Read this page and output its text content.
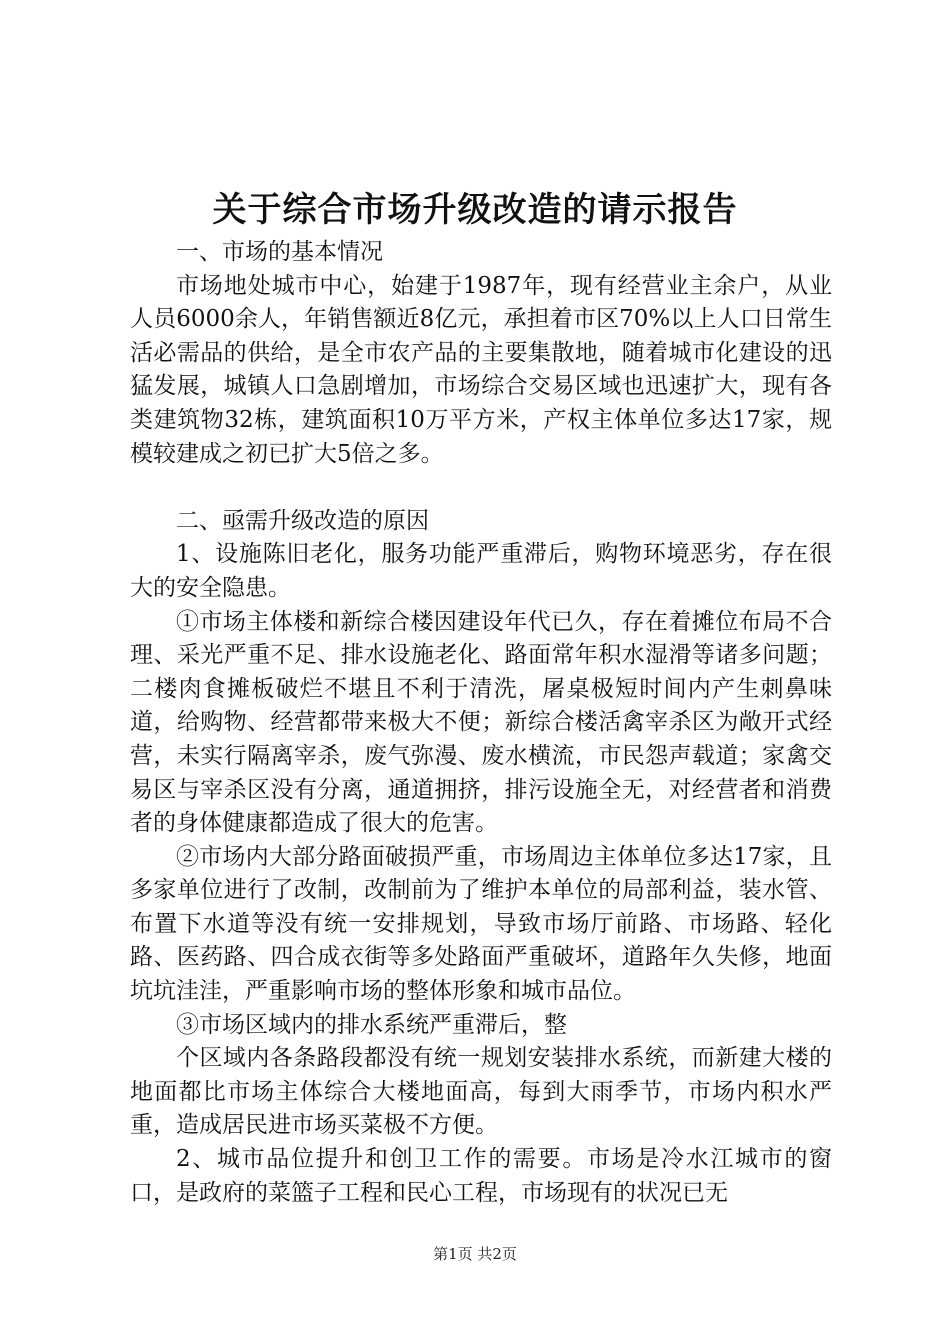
关于综合市场升级改造的请示报告

一、市场的基本情况

市场地处城市中心，始建于1987年，现有经营业主余户，从业人员6000余人，年销售额近8亿元，承担着市区70%以上人口日常生活必需品的供给，是全市农产品的主要集散地，随着城市化建设的迅猛发展，城镇人口急剧增加，市场综合交易区域也迅速扩大，现有各类建筑物32栋，建筑面积10万平方米，产权主体单位多达17家，规模较建成之初已扩大5倍之多。

二、亟需升级改造的原因

1、设施陈旧老化，服务功能严重滞后，购物环境恶劣，存在很大的安全隐患。

①市场主体楼和新综合楼因建设年代已久，存在着摊位布局不合理、采光严重不足、排水设施老化、路面常年积水湿滑等诸多问题；二楼肉食摊板破烂不堪且不利于清洗，屠桌极短时间内产生刺鼻味道，给购物、经营都带来极大不便；新综合楼活禽宰杀区为敞开式经营，未实行隔离宰杀，废气弥漫、废水横流，市民怨声载道；家禽交易区与宰杀区没有分离，通道拥挤，排污设施全无，对经营者和消费者的身体健康都造成了很大的危害。

②市场内大部分路面破损严重，市场周边主体单位多达17家，且多家单位进行了改制，改制前为了维护本单位的局部利益，装水管、布置下水道等没有统一安排规划，导致市场厅前路、市场路、轻化路、医药路、四合成衣街等多处路面严重破坏，道路年久失修，地面坑坑洼洼，严重影响市场的整体形象和城市品位。

③市场区域内的排水系统严重滞后，整

个区域内各条路段都没有统一规划安装排水系统，而新建大楼的地面都比市场主体综合大楼地面高，每到大雨季节，市场内积水严重，造成居民进市场买菜极不方便。

2、城市品位提升和创卫工作的需要。市场是冷水江城市的窗口，是政府的菜篮子工程和民心工程，市场现有的状况已无

第1页 共2页
